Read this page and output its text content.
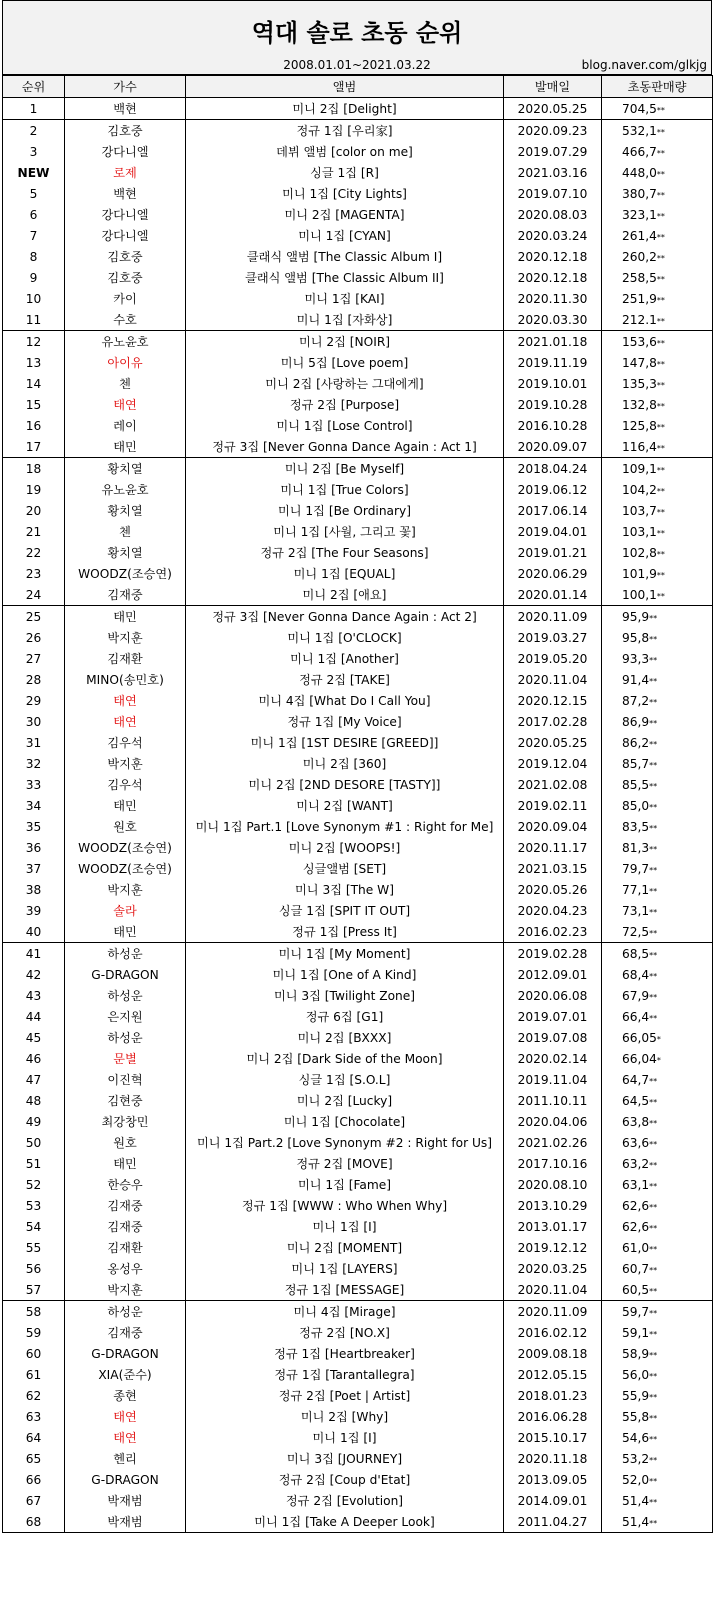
역대 솔로 초동 순위
2008.01.01~2021.03.22	blog.naver.com/glkjg
순위	가수	앨범	발매일	초동판매량
1	백현	미니 2집 [Delight]	2020.05.25	704,5**
2	김호중	정규 1집 [우리家]	2020.09.23	532,1**
3	강다니엘	데뷔 앨범 [color on me]	2019.07.29	466,7**
NEW	로제	싱글 1집 [R]	2021.03.16	448,0**
5	백현	미니 1집 [City Lights]	2019.07.10	380,7**
6	강다니엘	미니 2집 [MAGENTA]	2020.08.03	323,1**
7	강다니엘	미니 1집 [CYAN]	2020.03.24	261,4**
8	김호중	클래식 앨범 [The Classic Album I]	2020.12.18	260,2**
9	김호중	클래식 앨범 [The Classic Album II]	2020.12.18	258,5**
10	카이	미니 1집 [KAI]	2020.11.30	251,9**
11	수호	미니 1집 [자화상]	2020.03.30	212.1**
12	유노윤호	미니 2집 [NOIR]	2021.01.18	153,6**
13	아이유	미니 5집 [Love poem]	2019.11.19	147,8**
14	첸	미니 2집 [사랑하는 그대에게]	2019.10.01	135,3**
15	태연	정규 2집 [Purpose]	2019.10.28	132,8**
16	레이	미니 1집 [Lose Control]	2016.10.28	125,8**
17	태민	정규 3집 [Never Gonna Dance Again : Act 1]	2020.09.07	116,4**
18	황치열	미니 2집 [Be Myself]	2018.04.24	109,1**
19	유노윤호	미니 1집 [True Colors]	2019.06.12	104,2**
20	황치열	미니 1집 [Be Ordinary]	2017.06.14	103,7**
21	첸	미니 1집 [사월, 그리고 꽃]	2019.04.01	103,1**
22	황치열	정규 2집 [The Four Seasons]	2019.01.21	102,8**
23	WOODZ(조승연)	미니 1집 [EQUAL]	2020.06.29	101,9**
24	김재중	미니 2집 [애요]	2020.01.14	100,1**
25	태민	정규 3집 [Never Gonna Dance Again : Act 2]	2020.11.09	95,9**
26	박지훈	미니 1집 [O'CLOCK]	2019.03.27	95,8**
27	김재환	미니 1집 [Another]	2019.05.20	93,3**
28	MINO(송민호)	정규 2집 [TAKE]	2020.11.04	91,4**
29	태연	미니 4집 [What Do I Call You]	2020.12.15	87,2**
30	태연	정규 1집 [My Voice]	2017.02.28	86,9**
31	김우석	미니 1집 [1ST DESIRE [GREED]]	2020.05.25	86,2**
32	박지훈	미니 2집 [360]	2019.12.04	85,7**
33	김우석	미니 2집 [2ND DESORE [TASTY]]	2021.02.08	85,5**
34	태민	미니 2집 [WANT]	2019.02.11	85,0**
35	원호	미니 1집 Part.1 [Love Synonym #1 : Right for Me]	2020.09.04	83,5**
36	WOODZ(조승연)	미니 2집 [WOOPS!]	2020.11.17	81,3**
37	WOODZ(조승연)	싱글앨범 [SET]	2021.03.15	79,7**
38	박지훈	미니 3집 [The W]	2020.05.26	77,1**
39	솔라	싱글 1집 [SPIT IT OUT]	2020.04.23	73,1**
40	태민	정규 1집 [Press It]	2016.02.23	72,5**
41	하성운	미니 1집 [My Moment]	2019.02.28	68,5**
42	G-DRAGON	미니 1집 [One of A Kind]	2012.09.01	68,4**
43	하성운	미니 3집 [Twilight Zone]	2020.06.08	67,9**
44	은지원	정규 6집 [G1]	2019.07.01	66,4**
45	하성운	미니 2집 [BXXX]	2019.07.08	66,05*
46	문별	미니 2집 [Dark Side of the Moon]	2020.02.14	66,04*
47	이진혁	싱글 1집 [S.O.L]	2019.11.04	64,7**
48	김현중	미니 2집 [Lucky]	2011.10.11	64,5**
49	최강창민	미니 1집 [Chocolate]	2020.04.06	63,8**
50	원호	미니 1집 Part.2 [Love Synonym #2 : Right for Us]	2021.02.26	63,6**
51	태민	정규 2집 [MOVE]	2017.10.16	63,2**
52	한승우	미니 1집 [Fame]	2020.08.10	63,1**
53	김재중	정규 1집 [WWW : Who When Why]	2013.10.29	62,6**
54	김재중	미니 1집 [I]	2013.01.17	62,6**
55	김재환	미니 2집 [MOMENT]	2019.12.12	61,0**
56	옹성우	미니 1집 [LAYERS]	2020.03.25	60,7**
57	박지훈	정규 1집 [MESSAGE]	2020.11.04	60,5**
58	하성운	미니 4집 [Mirage]	2020.11.09	59,7**
59	김재중	정규 2집 [NO.X]	2016.02.12	59,1**
60	G-DRAGON	정규 1집 [Heartbreaker]	2009.08.18	58,9**
61	XIA(준수)	정규 1집 [Tarantallegra]	2012.05.15	56,0**
62	종현	정규 2집 [Poet | Artist]	2018.01.23	55,9**
63	태연	미니 2집 [Why]	2016.06.28	55,8**
64	태연	미니 1집 [I]	2015.10.17	54,6**
65	헨리	미니 3집 [JOURNEY]	2020.11.18	53,2**
66	G-DRAGON	정규 2집 [Coup d'Etat]	2013.09.05	52,0**
67	박재범	정규 2집 [Evolution]	2014.09.01	51,4**
68	박재범	미니 1집 [Take A Deeper Look]	2011.04.27	51,4**
